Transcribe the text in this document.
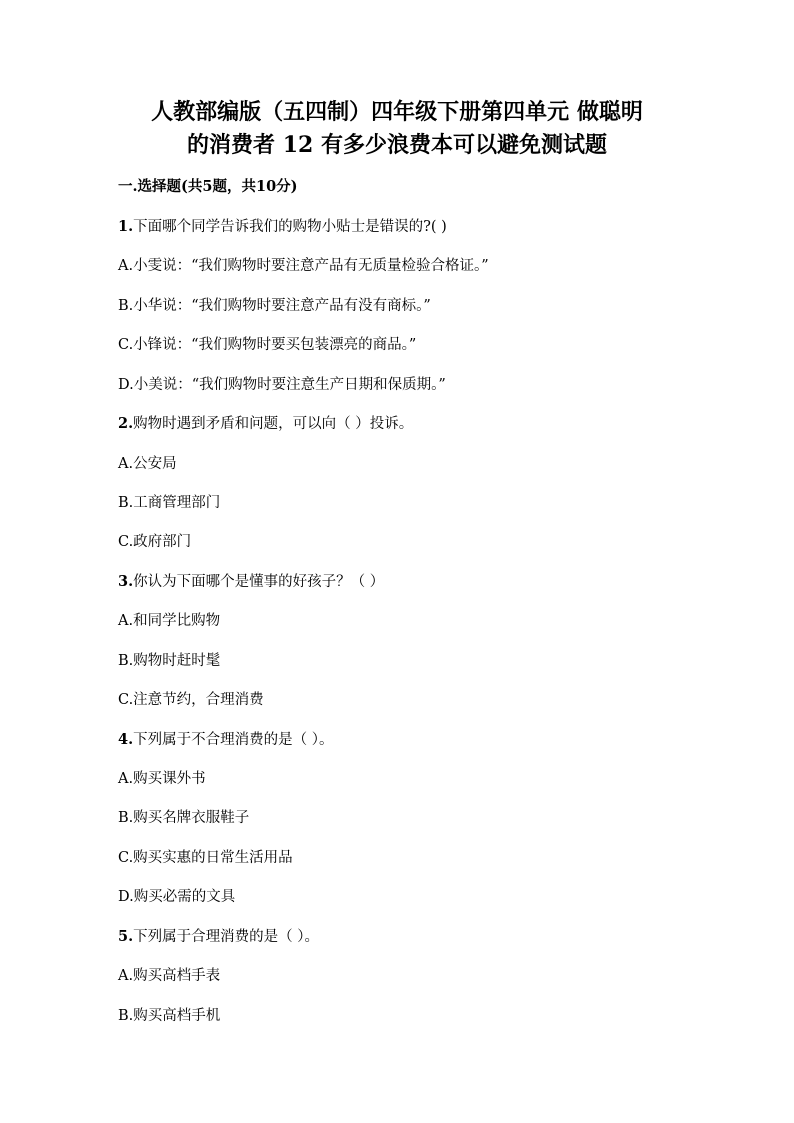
人教部编版（五四制）四年级下册第四单元 做聪明
的消费者 12 有多少浪费本可以避免测试题
一.选择题(共5题，共10分)
1.下面哪个同学告诉我们的购物小贴士是错误的?( )
A.小雯说：“我们购物时要注意产品有无质量检验合格证。”
B.小华说：“我们购物时要注意产品有没有商标。”
C.小锋说：“我们购物时要买包装漂亮的商品。”
D.小美说：“我们购物时要注意生产日期和保质期。”
2.购物时遇到矛盾和问题，可以向（ ）投诉。
A.公安局
B.工商管理部门
C.政府部门
3.你认为下面哪个是懂事的好孩子？（ ）
A.和同学比购物
B.购物时赶时髦
C.注意节约，合理消费
4.下列属于不合理消费的是（ ）。
A.购买课外书
B.购买名牌衣服鞋子
C.购买实惠的日常生活用品
D.购买必需的文具
5.下列属于合理消费的是（ ）。
A.购买高档手表
B.购买高档手机
